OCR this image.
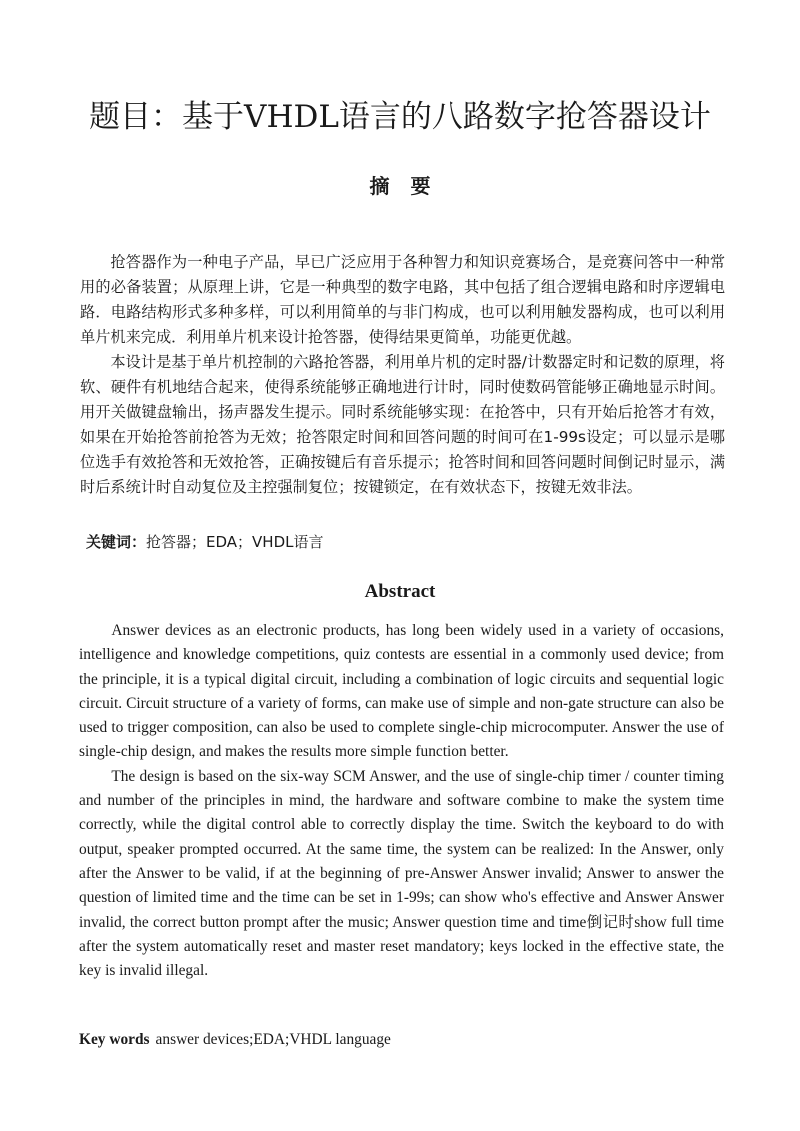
题目：基于VHDL语言的八路数字抢答器设计
摘 要

抢答器作为一种电子产品，早已广泛应用于各种智力和知识竞赛场合，是竞赛问答中一种常用的必备装置；从原理上讲，它是一种典型的数字电路，其中包括了组合逻辑电路和时序逻辑电路．电路结构形式多种多样，可以利用简单的与非门构成，也可以利用触发器构成，也可以利用单片机来完成．利用单片机来设计抢答器，使得结果更简单，功能更优越。

本设计是基于单片机控制的六路抢答器，利用单片机的定时器/计数器定时和记数的原理，将软、硬件有机地结合起来，使得系统能够正确地进行计时，同时使数码管能够正确地显示时间。用开关做键盘输出，扬声器发生提示。同时系统能够实现：在抢答中，只有开始后抢答才有效，如果在开始抢答前抢答为无效；抢答限定时间和回答问题的时间可在1-99s设定；可以显示是哪位选手有效抢答和无效抢答，正确按键后有音乐提示；抢答时间和回答问题时间倒记时显示，满时后系统计时自动复位及主控强制复位；按键锁定，在有效状态下，按键无效非法。

关键词：抢答器；EDA；VHDL语言
Abstract

Answer devices as an electronic products, has long been widely used in a variety of occasions, intelligence and knowledge competitions, quiz contests are essential in a commonly used device; from the principle, it is a typical digital circuit, including a combination of logic circuits and sequential logic circuit. Circuit structure of a variety of forms, can make use of simple and non-gate structure can also be used to trigger composition, can also be used to complete single-chip microcomputer. Answer the use of single-chip design, and makes the results more simple function better.

The design is based on the six-way SCM Answer, and the use of single-chip timer / counter timing and number of the principles in mind, the hardware and software combine to make the system time correctly, while the digital control able to correctly display the time. Switch the keyboard to do with output, speaker prompted occurred. At the same time, the system can be realized: In the Answer, only after the Answer to be valid, if at the beginning of pre-Answer Answer invalid; Answer to answer the question of limited time and the time can be set in 1-99s; can show who's effective and Answer Answer invalid, the correct button prompt after the music; Answer question time and time倒记时show full time after the system automatically reset and master reset mandatory; keys locked in the effective state, the key is invalid illegal.

Key words answer devices;EDA;VHDL language
